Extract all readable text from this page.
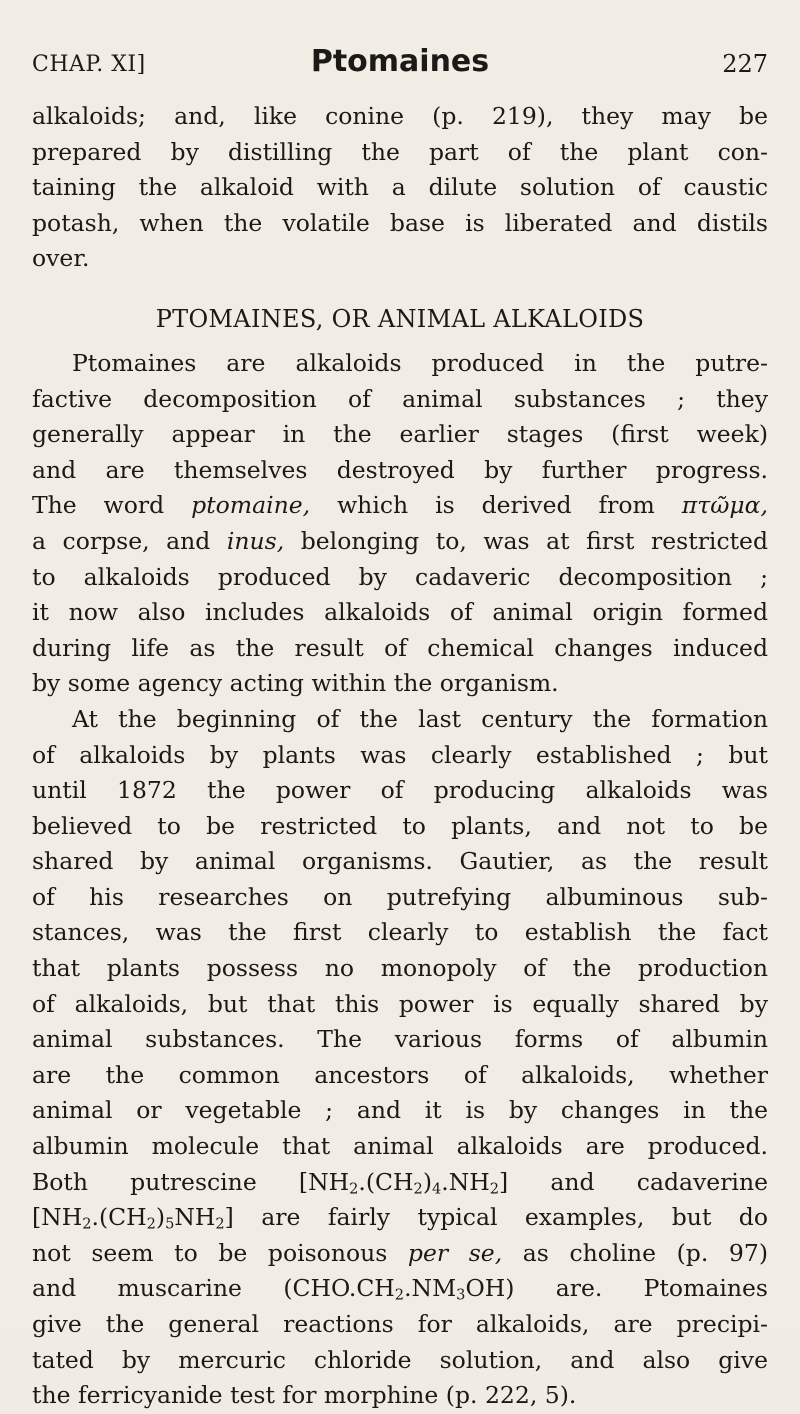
CHAP. XI]	Ptomaines	227
alkaloids; and, like conine (p. 219), they may be
prepared by distilling the part of the plant con-
taining the alkaloid with a dilute solution of caustic
potash, when the volatile base is liberated and distils
over.
PTOMAINES, OR ANIMAL ALKALOIDS
Ptomaines are alkaloids produced in the putre-
factive decomposition of animal substances ; they
generally appear in the earlier stages (first week)
and are themselves destroyed by further progress.
The word ptomaine, which is derived from πτῶμα,
a corpse, and inus, belonging to, was at first restricted
to alkaloids produced by cadaveric decomposition ;
it now also includes alkaloids of animal origin formed
during life as the result of chemical changes induced
by some agency acting within the organism.
At the beginning of the last century the formation
of alkaloids by plants was clearly established ; but
until 1872 the power of producing alkaloids was
believed to be restricted to plants, and not to be
shared by animal organisms. Gautier, as the result
of his researches on putrefying albuminous sub-
stances, was the first clearly to establish the fact
that plants possess no monopoly of the production
of alkaloids, but that this power is equally shared by
animal substances. The various forms of albumin
are the common ancestors of alkaloids, whether
animal or vegetable ; and it is by changes in the
albumin molecule that animal alkaloids are produced.
Both putrescine $[NH_2.(CH_2)_4.NH_2]$ and cadaverine
$[NH_2.(CH_2)_5NH_2]$ are fairly typical examples, but do
not seem to be poisonous per se, as choline (p. 97)
and muscarine $(CHO.CH_2.NM_3OH)$ are. Ptomaines
give the general reactions for alkaloids, are precipi-
tated by mercuric chloride solution, and also give
the ferricyanide test for morphine (p. 222, 5).
